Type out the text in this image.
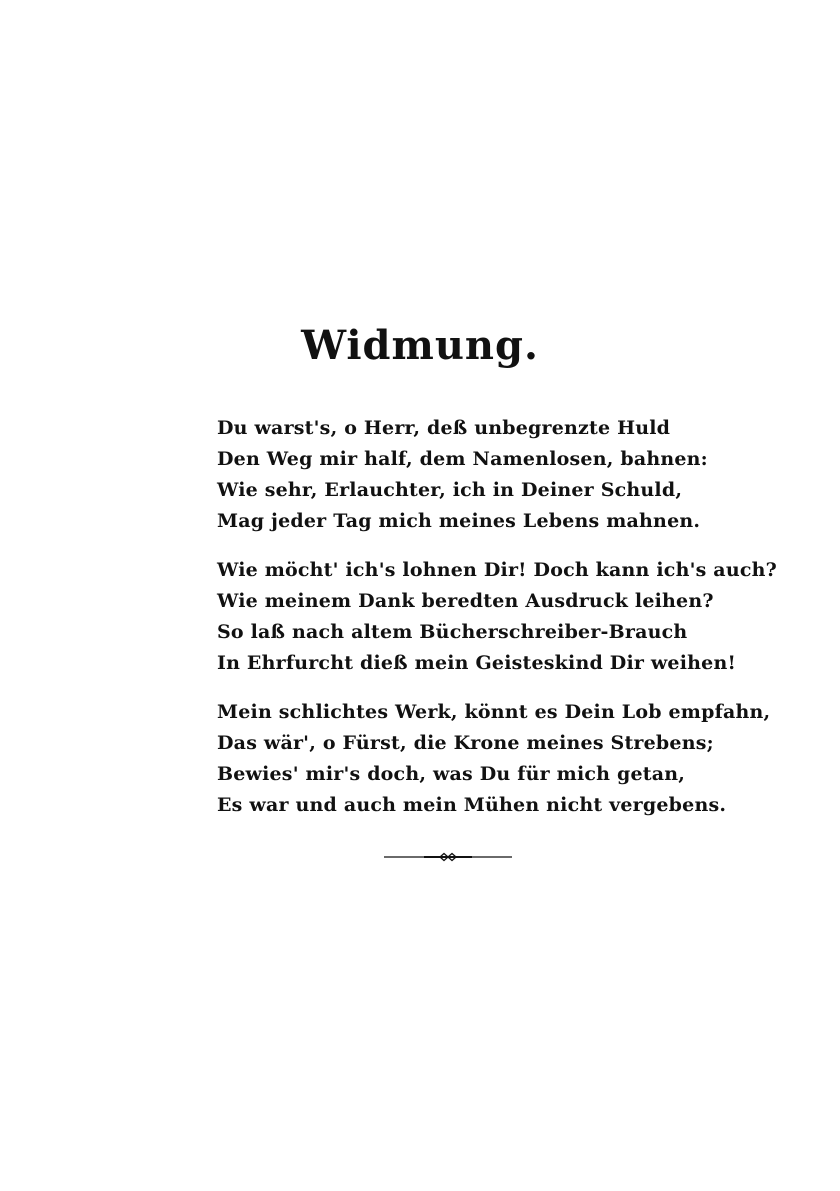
Widmung.
Du warst's, o Herr, deß unbegrenzte Huld
Den Weg mir half, dem Namenlosen, bahnen:
Wie sehr, Erlauchter, ich in Deiner Schuld,
Mag jeder Tag mich meines Lebens mahnen.
Wie möcht' ich's lohnen Dir! Doch kann ich's auch?
Wie meinem Dank beredten Ausdruck leihen?
So laß nach altem Bücherschreiber-Brauch
In Ehrfurcht dieß mein Geisteskind Dir weihen!
Mein schlichtes Werk, könnt es Dein Lob empfahn,
Das wär', o Fürst, die Krone meines Strebens;
Bewies' mir's doch, was Du für mich getan,
Es war und auch mein Mühen nicht vergebens.
